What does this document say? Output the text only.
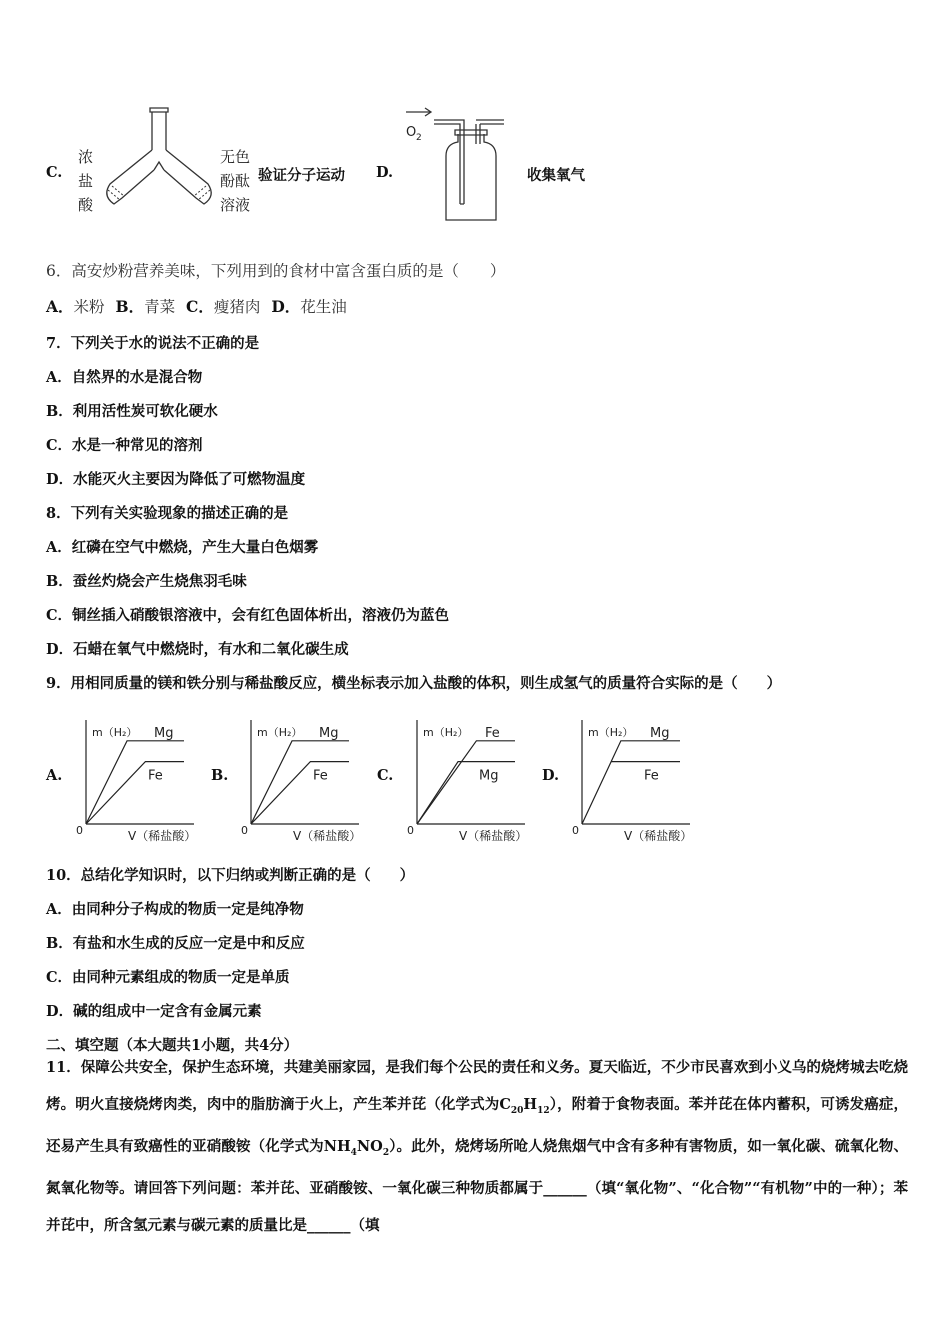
C.
浓
盐
酸
无色
酚酞
溶液
验证分子运动 D.
O 2
收集氧气
6．高安炒粉营养美味，下列用到的食材中富含蛋白质的是（　　）
A．米粉 B．青菜 C．瘦猪肉 D．花生油
7．下列关于水的说法不正确的是
A．自然界的水是混合物
B．利用活性炭可软化硬水
C．水是一种常见的溶剂
D．水能灭火主要因为降低了可燃物温度
8．下列有关实验现象的描述正确的是
A．红磷在空气中燃烧，产生大量白色烟雾
B．蚕丝灼烧会产生烧焦羽毛味
C．铜丝插入硝酸银溶液中，会有红色固体析出，溶液仍为蓝色
D．石蜡在氧气中燃烧时，有水和二氧化碳生成
9．用相同质量的镁和铁分别与稀盐酸反应，横坐标表示加入盐酸的体积，则生成氢气的质量符合实际的是（　　）
A.	B.	C.	D.
m（H₂）
V（稀盐酸）
0
Mg
Fe
m（H₂）
V（稀盐酸）
0
Mg
Fe
m（H₂）
V（稀盐酸）
0
Fe
Mg
m（H₂）
V（稀盐酸）
0
Mg
Fe
10．总结化学知识时，以下归纳或判断正确的是（　　）
A．由同种分子构成的物质一定是纯净物
B．有盐和水生成的反应一定是中和反应
C．由同种元素组成的物质一定是单质
D．碱的组成中一定含有金属元素
二、填空题（本大题共1小题，共4分）
11．保障公共安全，保护生态环境，共建美丽家园，是我们每个公民的责任和义务。夏天临近，不少市民喜欢到小义乌的烧烤城去吃烧烤。明火直接烧烤肉类，肉中的脂肪滴于火上，产生苯并芘（化学式为$C_{20}H_{12}$），附着于食物表面。苯并芘在体内蓄积，可诱发癌症，还易产生具有致癌性的亚硝酸铵（化学式为$NH_4NO_2$）。此外，烧烤场所呛人烧焦烟气中含有多种有害物质，如一氧化碳、硫氧化物、氮氧化物等。请回答下列问题：苯并芘、亚硝酸铵、一氧化碳三种物质都属于______（填“氧化物”、“化合物”“有机物”中的一种）；苯并芘中，所含氢元素与碳元素的质量比是______（填
